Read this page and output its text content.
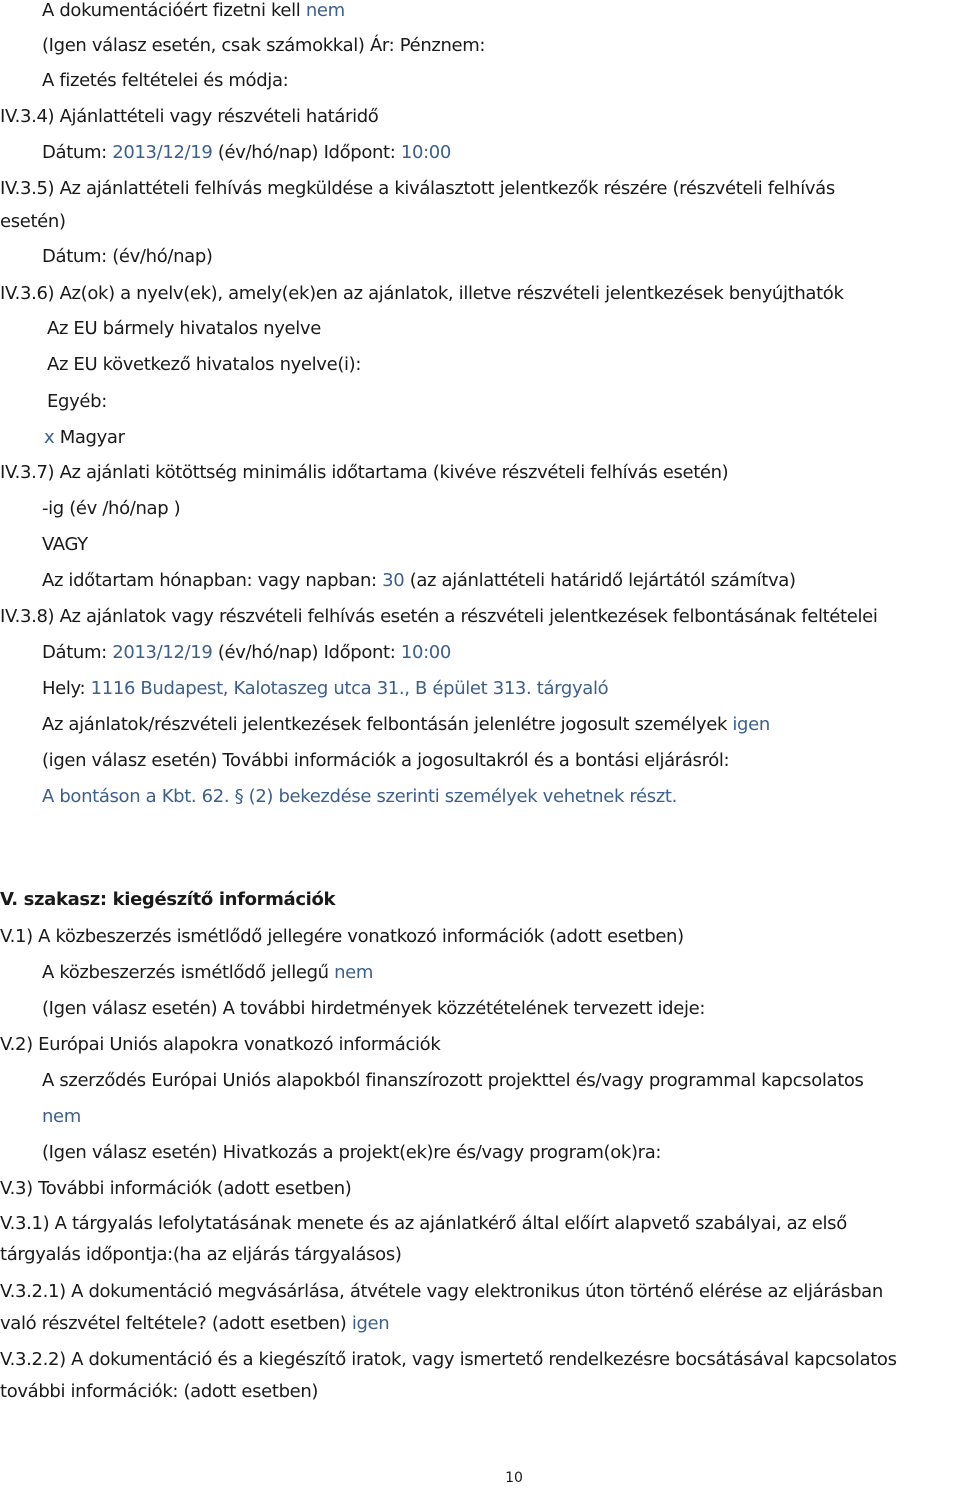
A dokumentációért fizetni kell nem
(Igen válasz esetén, csak számokkal) Ár: Pénznem:
A fizetés feltételei és módja:
IV.3.4) Ajánlattételi vagy részvételi határidő
Dátum: 2013/12/19 (év/hó/nap) Időpont: 10:00
IV.3.5) Az ajánlattételi felhívás megküldése a kiválasztott jelentkezők részére (részvételi felhívás
esetén)
Dátum: (év/hó/nap)
IV.3.6) Az(ok) a nyelv(ek), amely(ek)en az ajánlatok, illetve részvételi jelentkezések benyújthatók
Az EU bármely hivatalos nyelve
Az EU következő hivatalos nyelve(i):
Egyéb:
x Magyar
IV.3.7) Az ajánlati kötöttség minimális időtartama (kivéve részvételi felhívás esetén)
-ig (év /hó/nap )
VAGY
Az időtartam hónapban: vagy napban: 30 (az ajánlattételi határidő lejártától számítva)
IV.3.8) Az ajánlatok vagy részvételi felhívás esetén a részvételi jelentkezések felbontásának feltételei
Dátum: 2013/12/19 (év/hó/nap) Időpont: 10:00
Hely: 1116 Budapest, Kalotaszeg utca 31., B épület 313. tárgyaló
Az ajánlatok/részvételi jelentkezések felbontásán jelenlétre jogosult személyek igen
(igen válasz esetén) További információk a jogosultakról és a bontási eljárásról:
A bontáson a Kbt. 62. § (2) bekezdése szerinti személyek vehetnek részt.
V. szakasz: kiegészítő információk
V.1) A közbeszerzés ismétlődő jellegére vonatkozó információk (adott esetben)
A közbeszerzés ismétlődő jellegű nem
(Igen válasz esetén) A további hirdetmények közzétételének tervezett ideje:
V.2) Európai Uniós alapokra vonatkozó információk
A szerződés Európai Uniós alapokból finanszírozott projekttel és/vagy programmal kapcsolatos
nem
(Igen válasz esetén) Hivatkozás a projekt(ek)re és/vagy program(ok)ra:
V.3) További információk (adott esetben)
V.3.1) A tárgyalás lefolytatásának menete és az ajánlatkérő által előírt alapvető szabályai, az első
tárgyalás időpontja:(ha az eljárás tárgyalásos)
V.3.2.1) A dokumentáció megvásárlása, átvétele vagy elektronikus úton történő elérése az eljárásban
való részvétel feltétele? (adott esetben) igen
V.3.2.2) A dokumentáció és a kiegészítő iratok, vagy ismertető rendelkezésre bocsátásával kapcsolatos
további információk: (adott esetben)
10
